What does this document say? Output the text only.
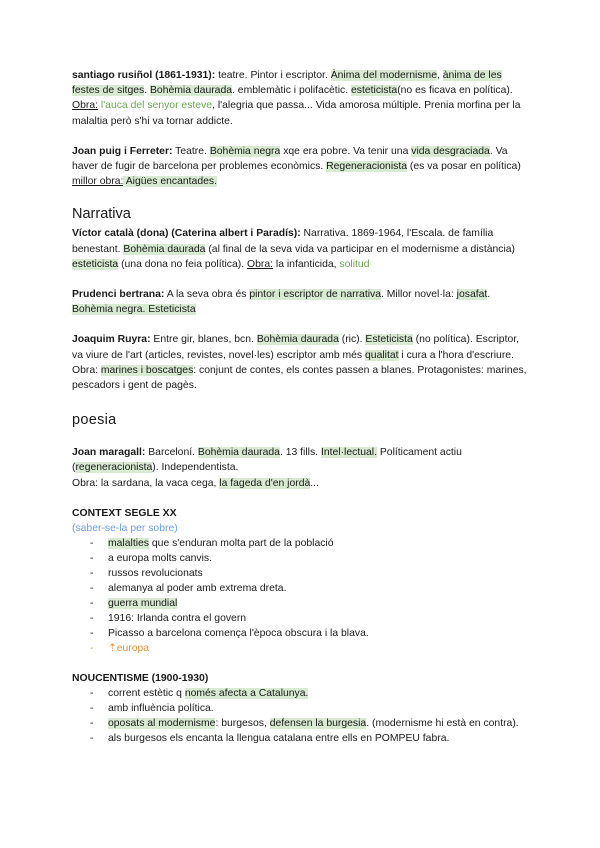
santiago rusiñol (1861-1931): teatre. Pintor i escriptor. Ànima del modernisme, ànima de les festes de sitges. Bohèmia daurada. emblemàtic i polifacètic. esteticista(no es ficava en política). Obra: l'auca del senyor esteve, l'alegria que passa... Vida amorosa múltiple. Prenia morfina per la malaltia però s'hi va tornar addicte.

Joan puig i Ferreter: Teatre. Bohèmia negra xqe era pobre. Va tenir una vida desgraciada. Va haver de fugir de barcelona per problemes econòmics. Regeneracionista (es va posar en política) millor obra: Aigües encantades.

Narrativa

Víctor català (dona) (Caterina albert i Paradís): Narrativa. 1869-1964, l'Escala. de família benestant. Bohèmia daurada (al final de la seva vida va participar en el modernisme a distància) esteticista (una dona no feia política). Obra: la infanticida, solitud

Prudenci bertrana: A la seva obra és pintor i escriptor de narrativa. Millor novel·la: josafat. Bohèmia negra. Esteticista

Joaquim Ruyra: Entre gir, blanes, bcn. Bohèmia daurada (ric). Esteticista (no política). Escriptor, va viure de l'art (articles, revistes, novel·les) escriptor amb més qualitat i cura a l'hora d'escriure.
Obra: marines i boscatges: conjunt de contes, els contes passen a blanes. Protagonistes: marines, pescadors i gent de pagès.

poesia

Joan maragall: Barceloní. Bohèmia daurada. 13 fills. Intel·lectual. Políticament actiu (regeneracionista). Independentista.
Obra: la sardana, la vaca cega, la fageda d'en jordà...

CONTEXT SEGLE XX

(saber-se-la per sobre)

- malalties que s'enduran molta part de la població
- a europa molts canvis.
- russos revolucionats
- alemanya al poder amb extrema dreta.
- guerra mundial
- 1916: Irlanda contra el govern
- Picasso a barcelona comença l'època obscura i la blava.
- ⇡europa

NOUCENTISME (1900-1930)

- corrent estètic q només afecta a Catalunya.
- amb influència política.
- oposats al modernisme: burgesos, defensen la burgesia. (modernisme hi està en contra).
- als burgesos els encanta la llengua catalana entre ells en POMPEU fabra.
